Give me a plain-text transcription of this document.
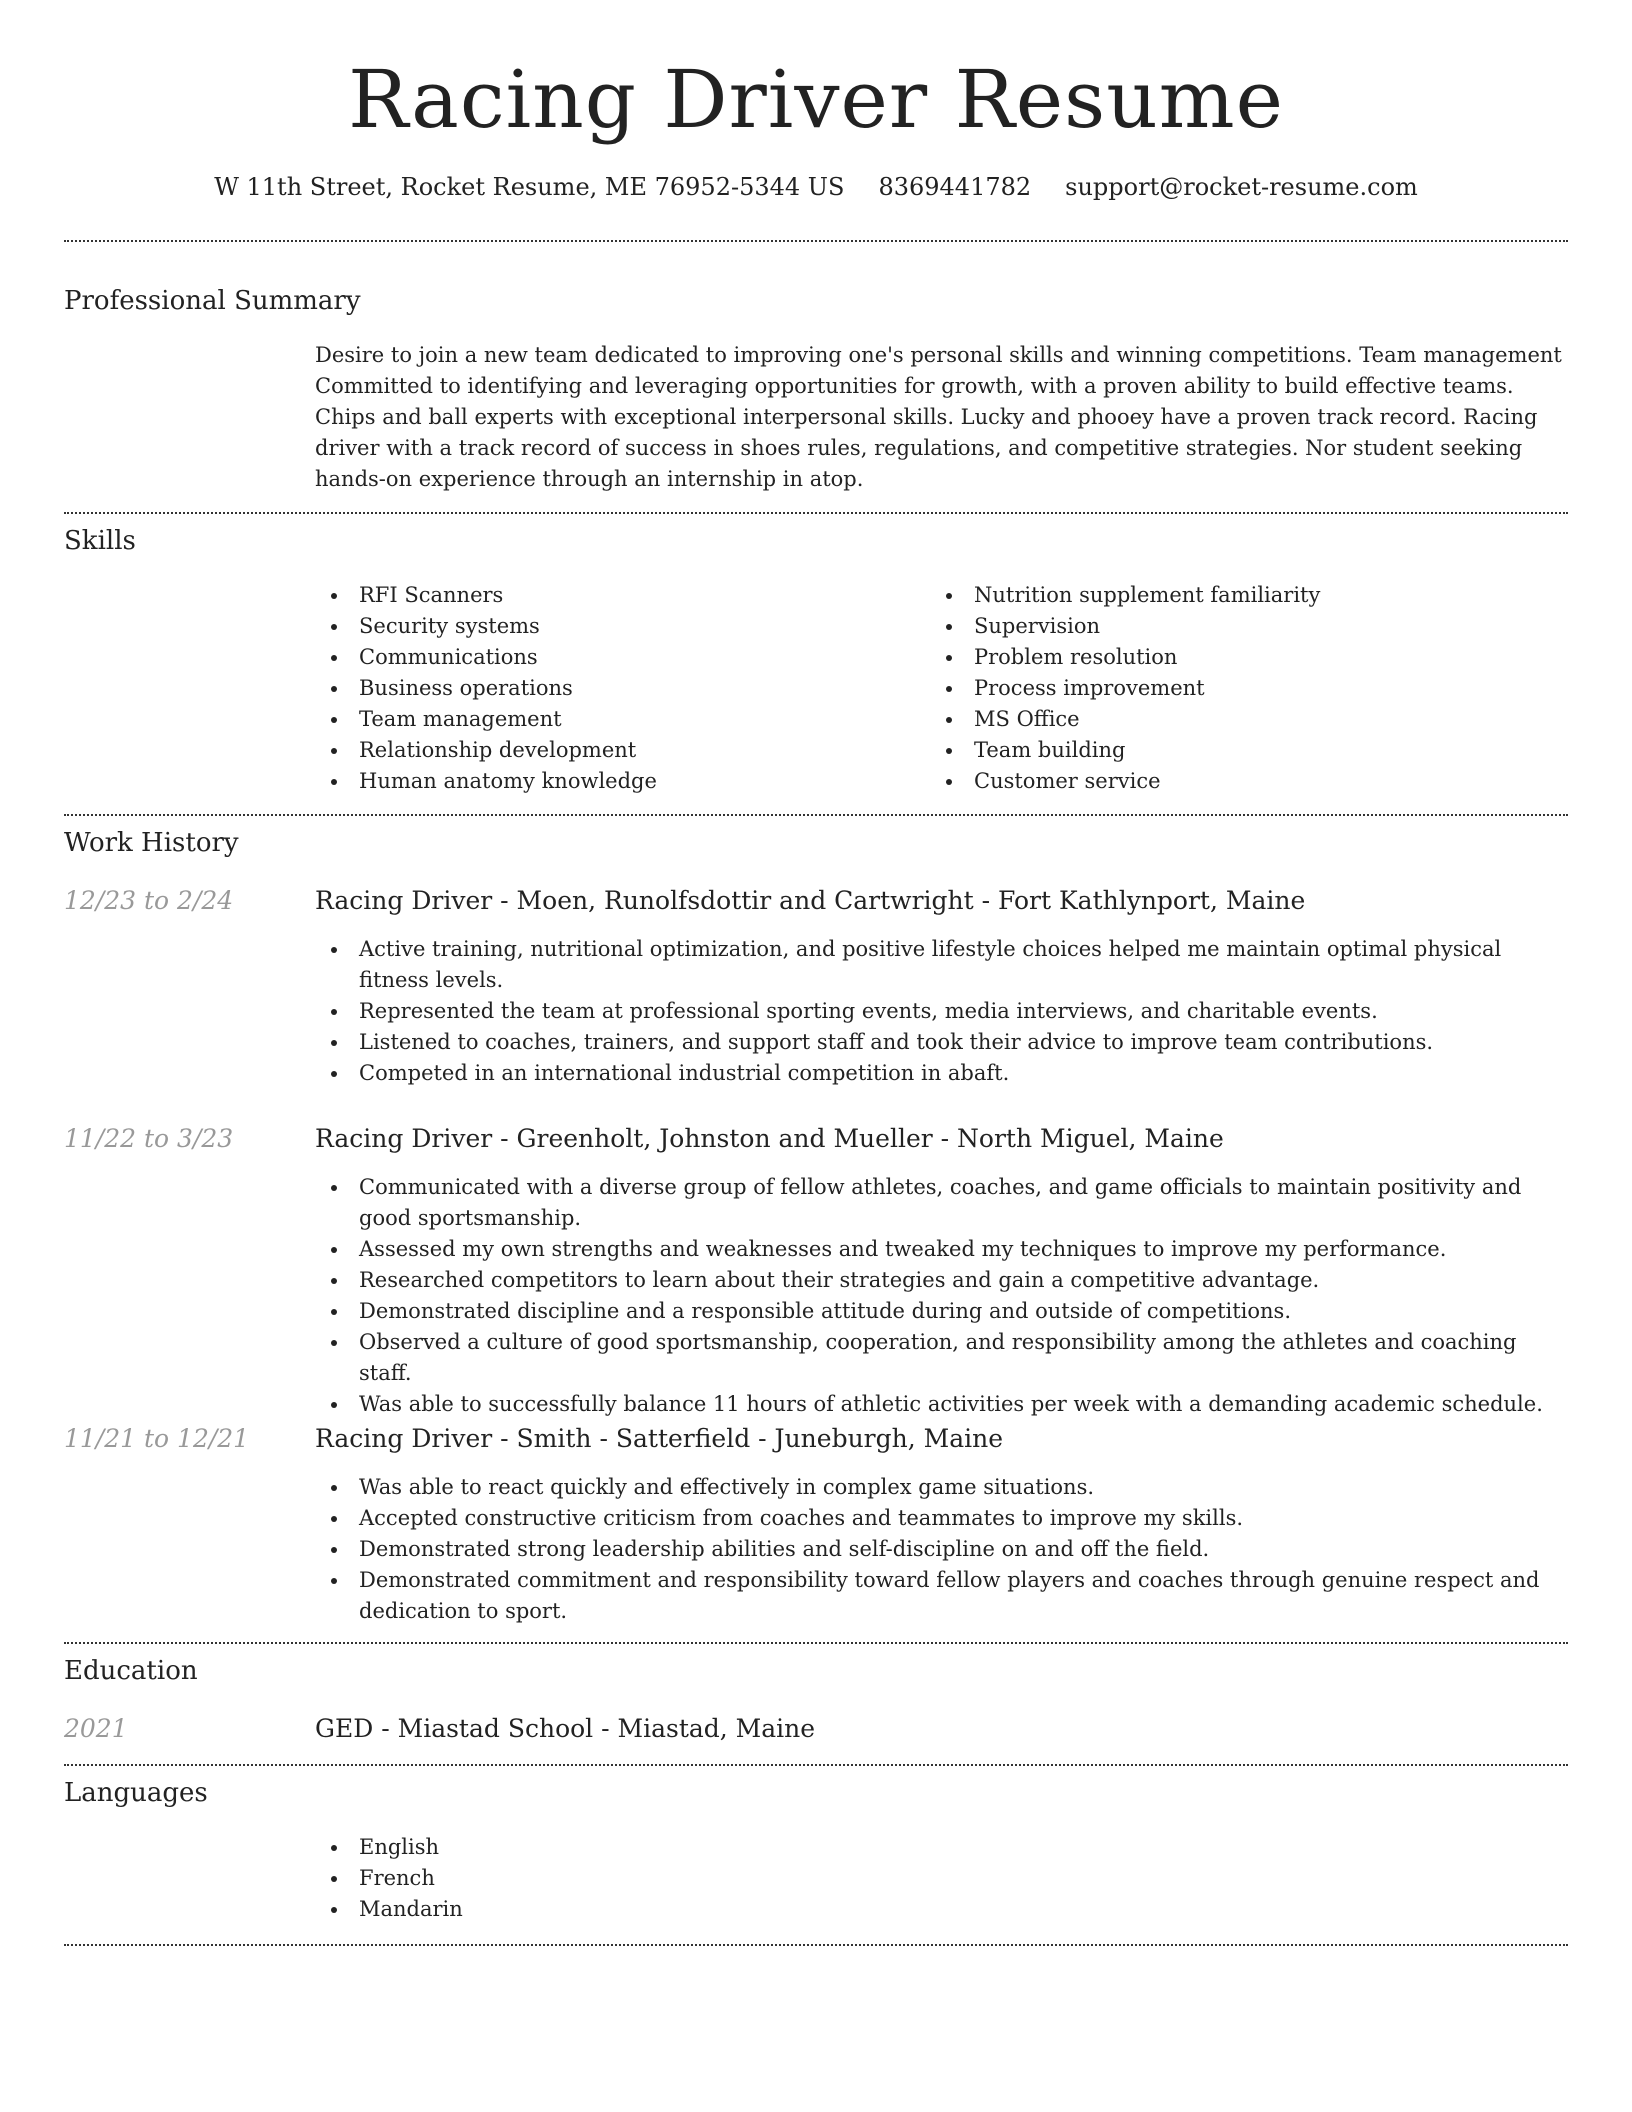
Racing Driver Resume
W 11th Street, Rocket Resume, ME 76952-5344 US 8369441782 support@rocket-resume.com
Professional Summary

Desire to join a new team dedicated to improving one's personal skills and winning competitions. Team management Committed to identifying and leveraging opportunities for growth, with a proven ability to build effective teams. Chips and ball experts with exceptional interpersonal skills. Lucky and phooey have a proven track record. Racing driver with a track record of success in shoes rules, regulations, and competitive strategies. Nor student seeking hands-on experience through an internship in atop.

Skills
RFI Scanners
Security systems
Communications
Business operations
Team management
Relationship development
Human anatomy knowledge
Nutrition supplement familiarity
Supervision
Problem resolution
Process improvement
MS Office
Team building
Customer service
Work History
12/23 to 2/24	Racing Driver - Moen, Runolfsdottir and Cartwright - Fort Kathlynport, Maine
Active training, nutritional optimization, and positive lifestyle choices helped me maintain optimal physical fitness levels.
Represented the team at professional sporting events, media interviews, and charitable events.
Listened to coaches, trainers, and support staff and took their advice to improve team contributions.
Competed in an international industrial competition in abaft.
11/22 to 3/23	Racing Driver - Greenholt, Johnston and Mueller - North Miguel, Maine
Communicated with a diverse group of fellow athletes, coaches, and game officials to maintain positivity and good sportsmanship.
Assessed my own strengths and weaknesses and tweaked my techniques to improve my performance.
Researched competitors to learn about their strategies and gain a competitive advantage.
Demonstrated discipline and a responsible attitude during and outside of competitions.
Observed a culture of good sportsmanship, cooperation, and responsibility among the athletes and coaching staff.
Was able to successfully balance 11 hours of athletic activities per week with a demanding academic schedule.
11/21 to 12/21	Racing Driver - Smith - Satterfield - Juneburgh, Maine
Was able to react quickly and effectively in complex game situations.
Accepted constructive criticism from coaches and teammates to improve my skills.
Demonstrated strong leadership abilities and self-discipline on and off the field.
Demonstrated commitment and responsibility toward fellow players and coaches through genuine respect and dedication to sport.
Education
2021	GED - Miastad School - Miastad, Maine
Languages
English
French
Mandarin
